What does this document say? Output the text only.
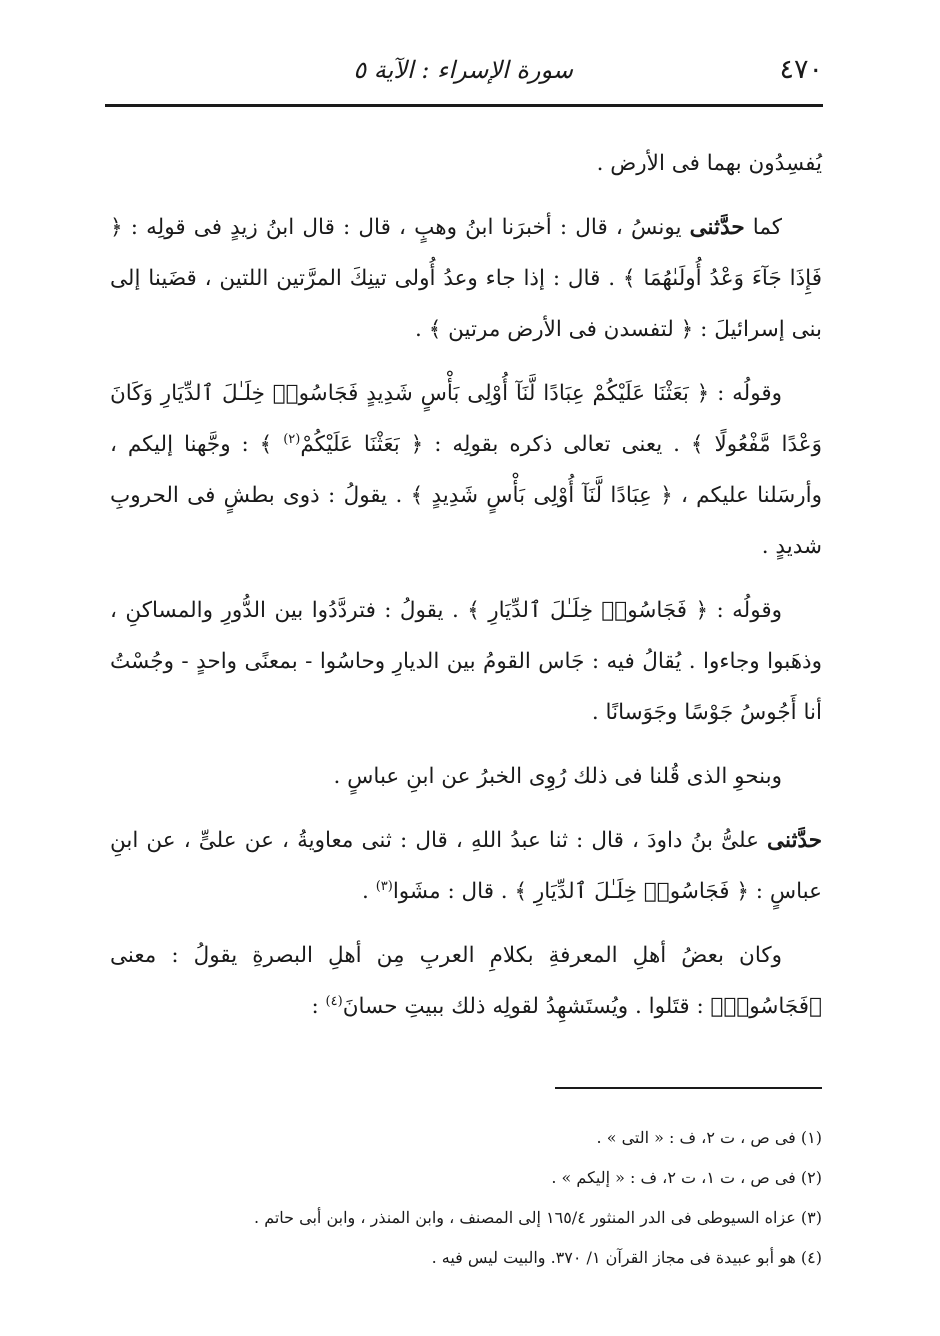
٤٧٠
سورة الإسراء : الآية ٥

يُفسِدُون بهما فى الأرض .

كما حدَّثنى يونسُ ، قال : أخبرَنا ابنُ وهبٍ ، قال : قال ابنُ زيدٍ فى قولِه : ﴿ فَإِذَا جَآءَ وَعْدُ أُولَىٰهُمَا ﴾ . قال : إذا جاء وعدُ أُولى تينِكَ المرَّتين اللتين ، قضَينا إلى بنى إسرائيلَ : ﴿ لتفسدن فى الأرض مرتين ﴾ .

وقولُه : ﴿ بَعَثْنَا عَلَيْكُمْ عِبَادًا لَّنَآ أُوْلِى بَأْسٍ شَدِيدٍ فَجَاسُوا۟ خِلَـٰلَ ٱلدِّيَارِ وَكَانَ وَعْدًا مَّفْعُولًا ﴾ . يعنى تعالى ذكره بقولِه : ﴿ بَعَثْنَا عَلَيْكُمْ$^{(٢)}$ ﴾ : وجَّهنا إليكم ، وأرسَلنا عليكم ، ﴿ عِبَادًا لَّنَآ أُوْلِى بَأْسٍ شَدِيدٍ ﴾ . يقولُ : ذوى بطشٍ فى الحروبِ شديدٍ .

وقولُه : ﴿ فَجَاسُوا۟ خِلَـٰلَ ٱلدِّيَارِ ﴾ . يقولُ : فتردَّدُوا بين الدُّورِ والمساكنِ ، وذهَبوا وجاءوا . يُقالُ فيه : جَاس القومُ بين الديارِ وحاسُوا - بمعنًى واحدٍ - وجُسْتُ أنا أَجُوسُ جَوْسًا وجَوَسانًا .

وبنحوِ الذى قُلنا فى ذلك رُوِى الخبرُ عن ابنِ عباسٍ .

حدَّثنى علىُّ بنُ داودَ ، قال : ثنا عبدُ اللهِ ، قال : ثنى معاويةُ ، عن علىٍّ ، عن ابنِ عباسٍ : ﴿ فَجَاسُوا۟ خِلَـٰلَ ٱلدِّيَارِ ﴾ . قال : مشَوا$^{(٣)}$ .

وكان بعضُ أهلِ المعرفةِ بكلامِ العربِ مِن أهلِ البصرةِ يقولُ : معنى ﴿فَجَاسُوا۟﴾ : قتَلوا . ويُستَشهِدُ لقولِه ذلك ببيتِ حسانَ$^{(٤)}$ :

(١) فى ص ، ت ٢، ف : « التى » .
(٢) فى ص ، ت ١، ت ٢، ف : « إليكم » .
(٣) عزاه السيوطى فى الدر المنثور ١٦٥/٤ إلى المصنف ، وابن المنذر ، وابن أبى حاتم .
(٤) هو أبو عبيدة فى مجاز القرآن ١/ ٣٧٠. والبيت ليس فيه .
